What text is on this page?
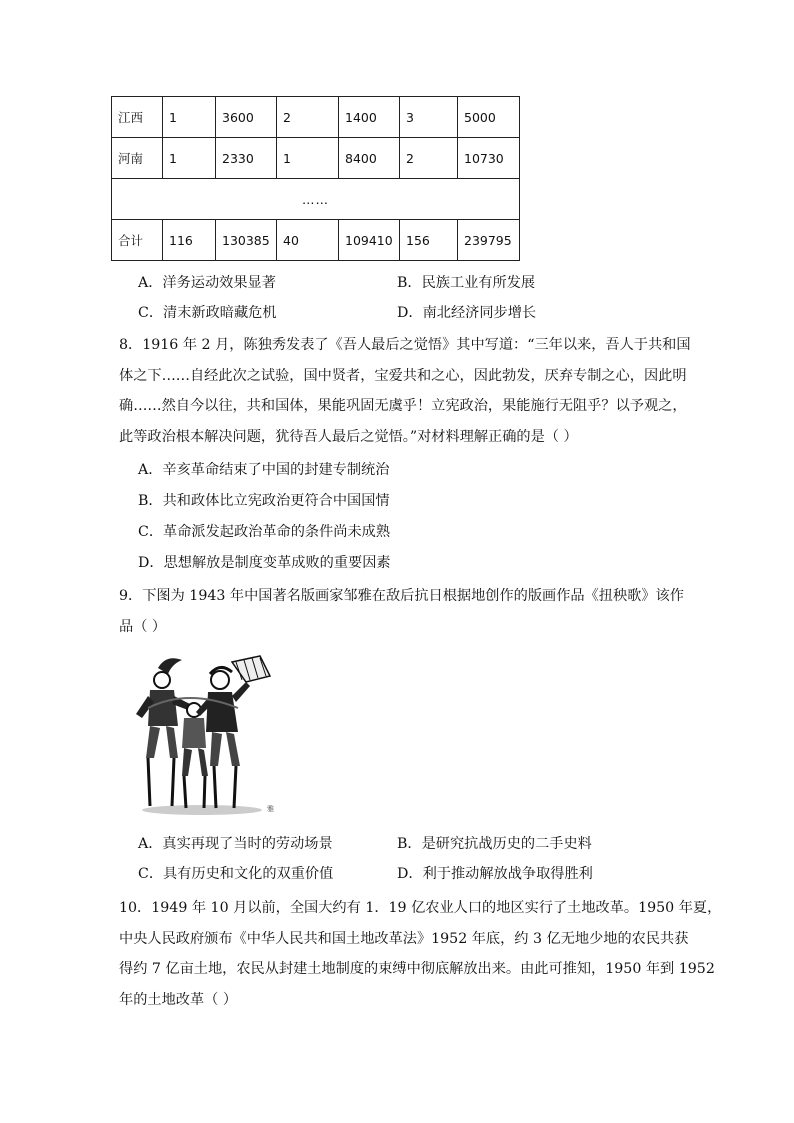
江西	1	3600	2	1400	3	5000
河南	1	2330	1	8400	2	10730
……						
合计	116	130385	40	109410	156	239795
A．洋务运动效果显著	B．民族工业有所发展
C．清末新政暗藏危机	D．南北经济同步增长

8．1916 年 2 月，陈独秀发表了《吾人最后之觉悟》其中写道：“三年以来，吾人于共和国

体之下……自经此次之试验，国中贤者，宝爱共和之心，因此勃发，厌弃专制之心，因此明

确……然自今以往，共和国体，果能巩固无虞乎！立宪政治，果能施行无阻乎？以予观之，

此等政治根本解决问题，犹待吾人最后之觉悟。”对材料理解正确的是（ ）

A．辛亥革命结束了中国的封建专制统治
B．共和政体比立宪政治更符合中国国情
C．革命派发起政治革命的条件尚未成熟
D．思想解放是制度变革成败的重要因素

9．下图为 1943 年中国著名版画家邹雅在敌后抗日根据地创作的版画作品《扭秧歌》该作

品（ ）

雅
A．真实再现了当时的劳动场景	B．是研究抗战历史的二手史料
C．具有历史和文化的双重价值	D．利于推动解放战争取得胜利

10．1949 年 10 月以前，全国大约有 1．19 亿农业人口的地区实行了土地改革。1950 年夏，

中央人民政府颁布《中华人民共和国土地改革法》1952 年底，约 3 亿无地少地的农民共获

得约 7 亿亩土地，农民从封建土地制度的束缚中彻底解放出来。由此可推知，1950 年到 1952

年的土地改革（ ）
